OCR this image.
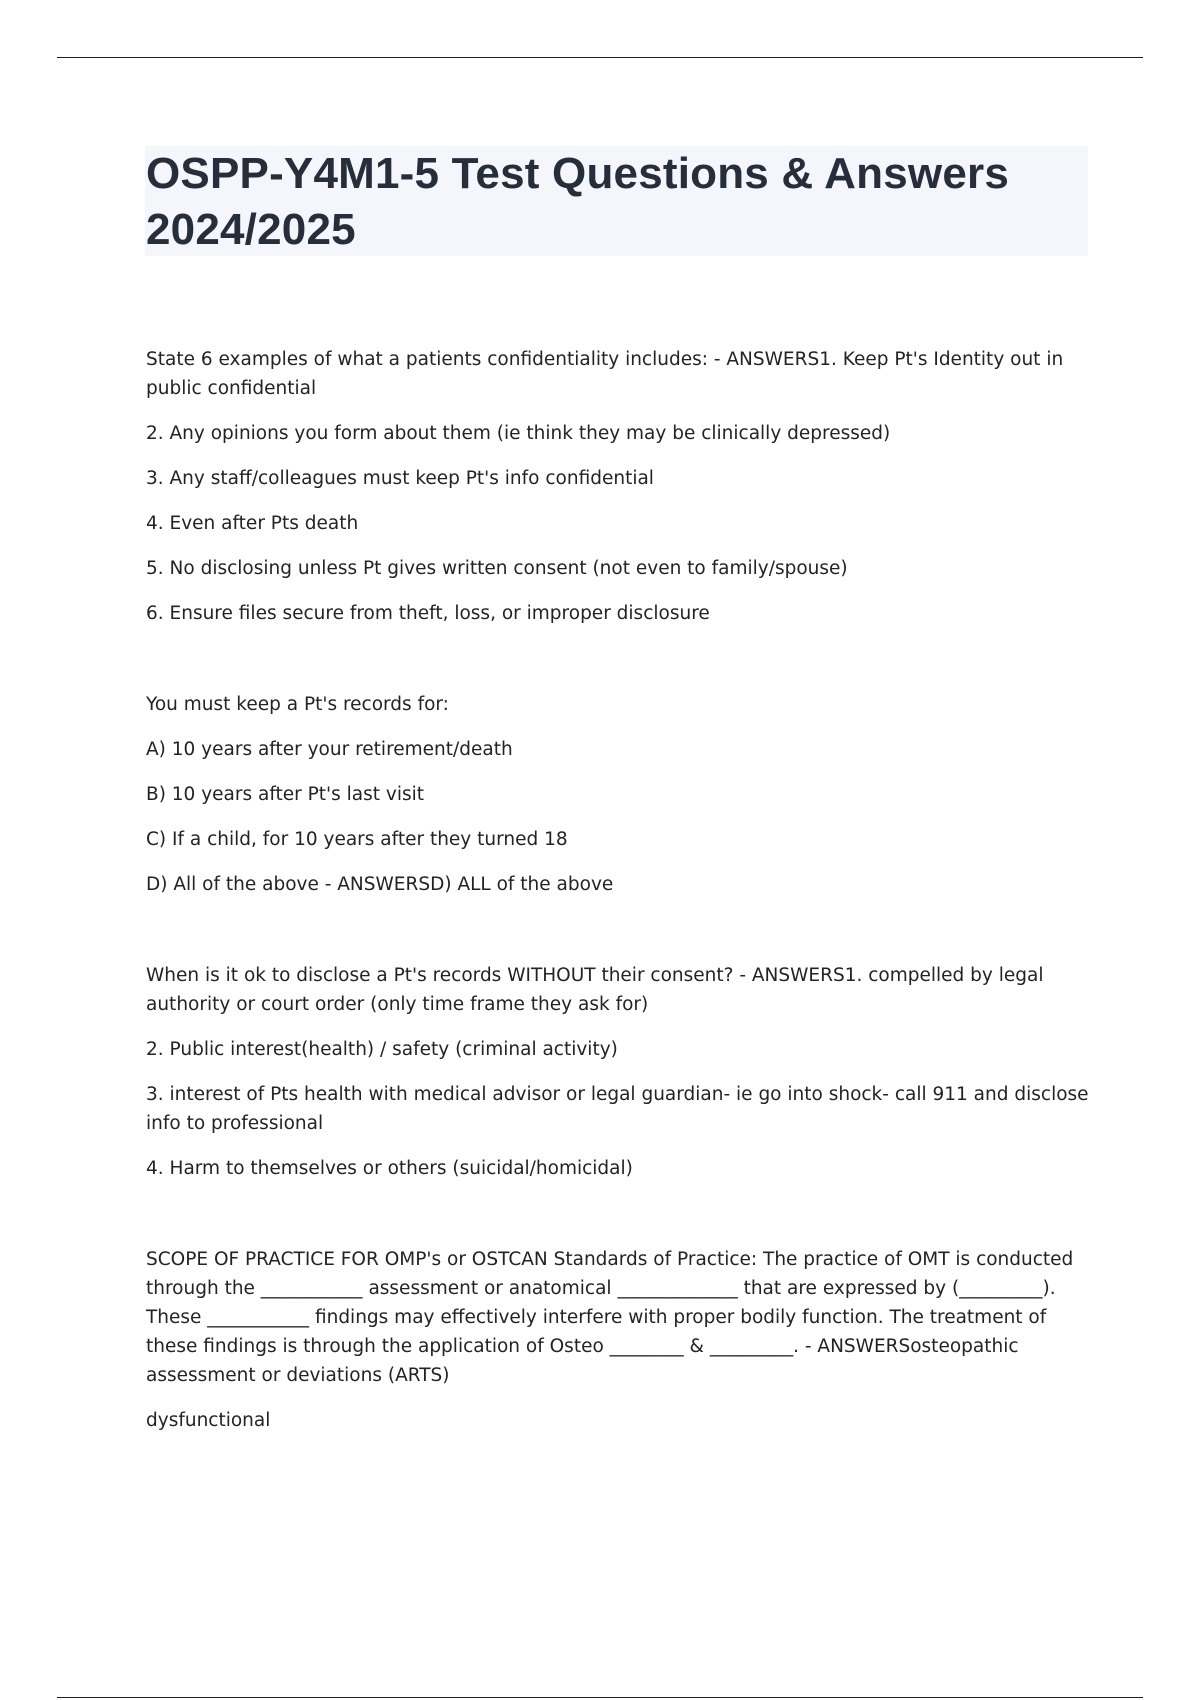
OSPP-Y4M1-5 Test Questions & Answers 2024/2025

State 6 examples of what a patients confidentiality includes: - ANSWERS1. Keep Pt's Identity out in public confidential

2. Any opinions you form about them (ie think they may be clinically depressed)

3. Any staff/colleagues must keep Pt's info confidential

4. Even after Pts death

5. No disclosing unless Pt gives written consent (not even to family/spouse)

6. Ensure files secure from theft, loss, or improper disclosure

You must keep a Pt's records for:

A) 10 years after your retirement/death

B) 10 years after Pt's last visit

C) If a child, for 10 years after they turned 18

D) All of the above - ANSWERSD) ALL of the above

When is it ok to disclose a Pt's records WITHOUT their consent? - ANSWERS1. compelled by legal authority or court order (only time frame they ask for)

2. Public interest(health) / safety (criminal activity)

3. interest of Pts health with medical advisor or legal guardian- ie go into shock- call 911 and disclose info to professional

4. Harm to themselves or others (suicidal/homicidal)

SCOPE OF PRACTICE FOR OMP's or OSTCAN Standards of Practice: The practice of OMT is conducted through the ___________ assessment or anatomical _____________ that are expressed by (_________). These ___________ findings may effectively interfere with proper bodily function. The treatment of these findings is through the application of Osteo ________ & _________. - ANSWERSosteopathic assessment or deviations (ARTS)

dysfunctional
